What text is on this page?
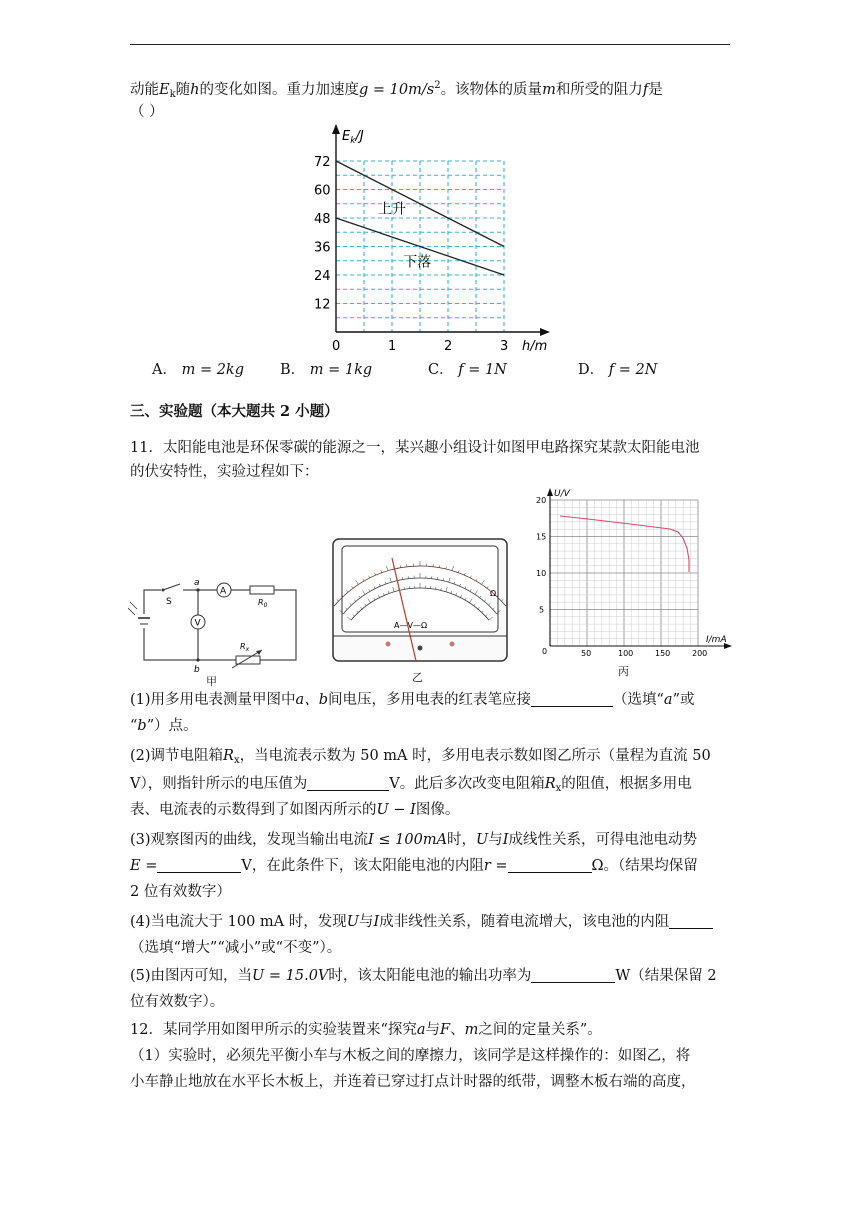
动能$E_k$随h的变化如图。重力加速度$g = 10m/s^2$。该物体的质量m和所受的阻力f是
（ ）
$E_k/J$
h/m
12
24
36
48
60
72
0	1	2	3
上升
下落
A． m = 2kg B． m = 1kg	C． f = 1N	D． f = 2N
三、实验题（本大题共 2 小题）
11．太阳能电池是环保零碳的能源之一，某兴趣小组设计如图甲电路探究某款太阳能电池
的伏安特性，实验过程如下：
S
a
b
A
V
$R_0$
$R_x$
甲
A—V—Ω
Ω
乙
U/V
I/mA
0
5
10
15
20
50	100	150	200
丙
(1)用多用电表测量甲图中a、b间电压，多用电表的红表笔应接	（选填“a”或
“b”）点。
(2)调节电阻箱$R_x$，当电流表示数为 50 mA 时，多用电表示数如图乙所示（量程为直流 50
V），则指针所示的电压值为	V。此后多次改变电阻箱$R_x$的阻值，根据多用电
表、电流表的示数得到了如图丙所示的U − I图像。
(3)观察图丙的曲线，发现当输出电流I ≤ 100mA时，U与I成线性关系，可得电池电动势
E =	V，在此条件下，该太阳能电池的内阻r =	Ω。（结果均保留
2 位有效数字）
(4)当电流大于 100 mA 时，发现U与I成非线性关系，随着电流增大，该电池的内阻
（选填“增大”“减小”或“不变”）。
(5)由图丙可知，当U = 15.0V时，该太阳能电池的输出功率为	W（结果保留 2
位有效数字）。
12．某同学用如图甲所示的实验装置来“探究a与F、m之间的定量关系”。
（1）实验时，必须先平衡小车与木板之间的摩擦力，该同学是这样操作的：如图乙，将
小车静止地放在水平长木板上，并连着已穿过打点计时器的纸带，调整木板右端的高度，
